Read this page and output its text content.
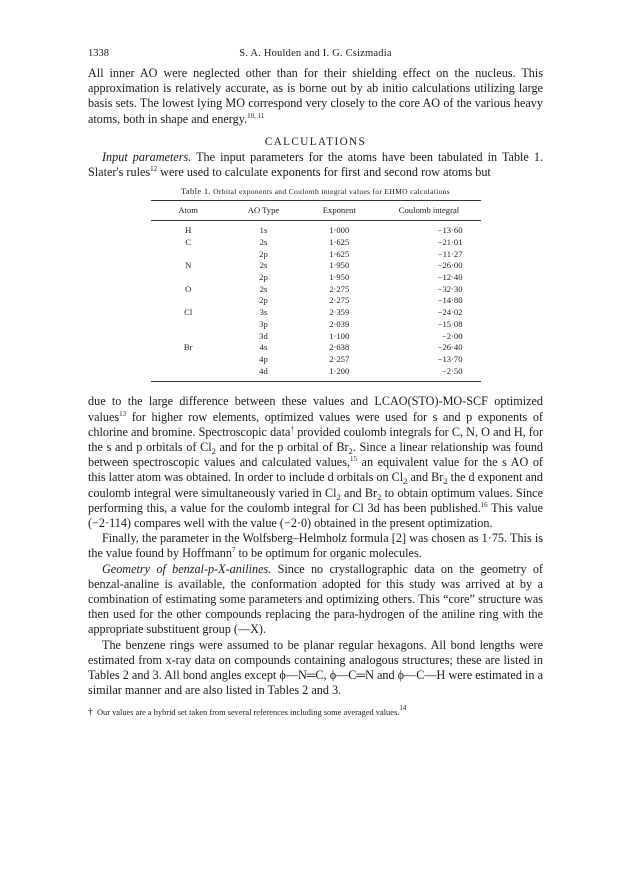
1338	S. A. Houlden and I. G. Csizmadia

All inner AO were neglected other than for their shielding effect on the nucleus. This approximation is relatively accurate, as is borne out by ab initio calculations utilizing large basis sets. The lowest lying MO correspond very closely to the core AO of the various heavy atoms, both in shape and energy.$^{10, 11}$

CALCULATIONS

Input parameters. The input parameters for the atoms have been tabulated in Table 1. Slater's rules$^{12}$ were used to calculate exponents for first and second row atoms but

Table 1. Orbital exponents and Coulomb integral values for EHMO calculations
Atom	AO Type	Exponent	Coulomb integral
H	1s	1·000	−13·60
C	2s	1·625	−21·01
	2p	1·625	−11·27
N	2s	1·950	−26·00
	2p	1·950	−12·40
O	2s	2·275	−32·30
	2p	2·275	−14·80
Cl	3s	2·359	−24·02
	3p	2·039	−15·08
	3d	1·100	−2·00
Br	4s	2·638	−26·40
	4p	2·257	−13·70
	4d	1·200	−2·50

due to the large difference between these values and LCAO(STO)-MO-SCF optimized values$^{13}$ for higher row elements, optimized values were used for s and p exponents of chlorine and bromine. Spectroscopic data† provided coulomb integrals for C, N, O and H, for the s and p orbitals of $Cl_2$ and for the p orbital of $Br_2$. Since a linear relationship was found between spectroscopic values and calculated values,$^{15}$ an equivalent value for the s AO of this latter atom was obtained. In order to include d orbitals on $Cl_2$ and $Br_2$ the d exponent and coulomb integral were simultaneously varied in $Cl_2$ and $Br_2$ to obtain optimum values. Since performing this, a value for the coulomb integral for Cl 3d has been published.$^{16}$ This value (−2·114) compares well with the value (−2·0) obtained in the present optimization.

Finally, the parameter in the Wolfsberg–Helmholz formula [2] was chosen as 1·75. This is the value found by Hoffmann$^7$ to be optimum for organic molecules.

Geometry of benzal-p-X-anilines. Since no crystallographic data on the geometry of benzal-analine is available, the conformation adopted for this study was arrived at by a combination of estimating some parameters and optimizing others. This “core” structure was then used for the other compounds replacing the para-hydrogen of the aniline ring with the appropriate substituent group (—X).

The benzene rings were assumed to be planar regular hexagons. All bond lengths were estimated from x-ray data on compounds containing analogous structures; these are listed in Tables 2 and 3. All bond angles except ϕ—N═C, ϕ—C═N and ϕ—C—H were estimated in a similar manner and are also listed in Tables 2 and 3.

† Our values are a hybrid set taken from several references including some averaged values.$^{14}$
